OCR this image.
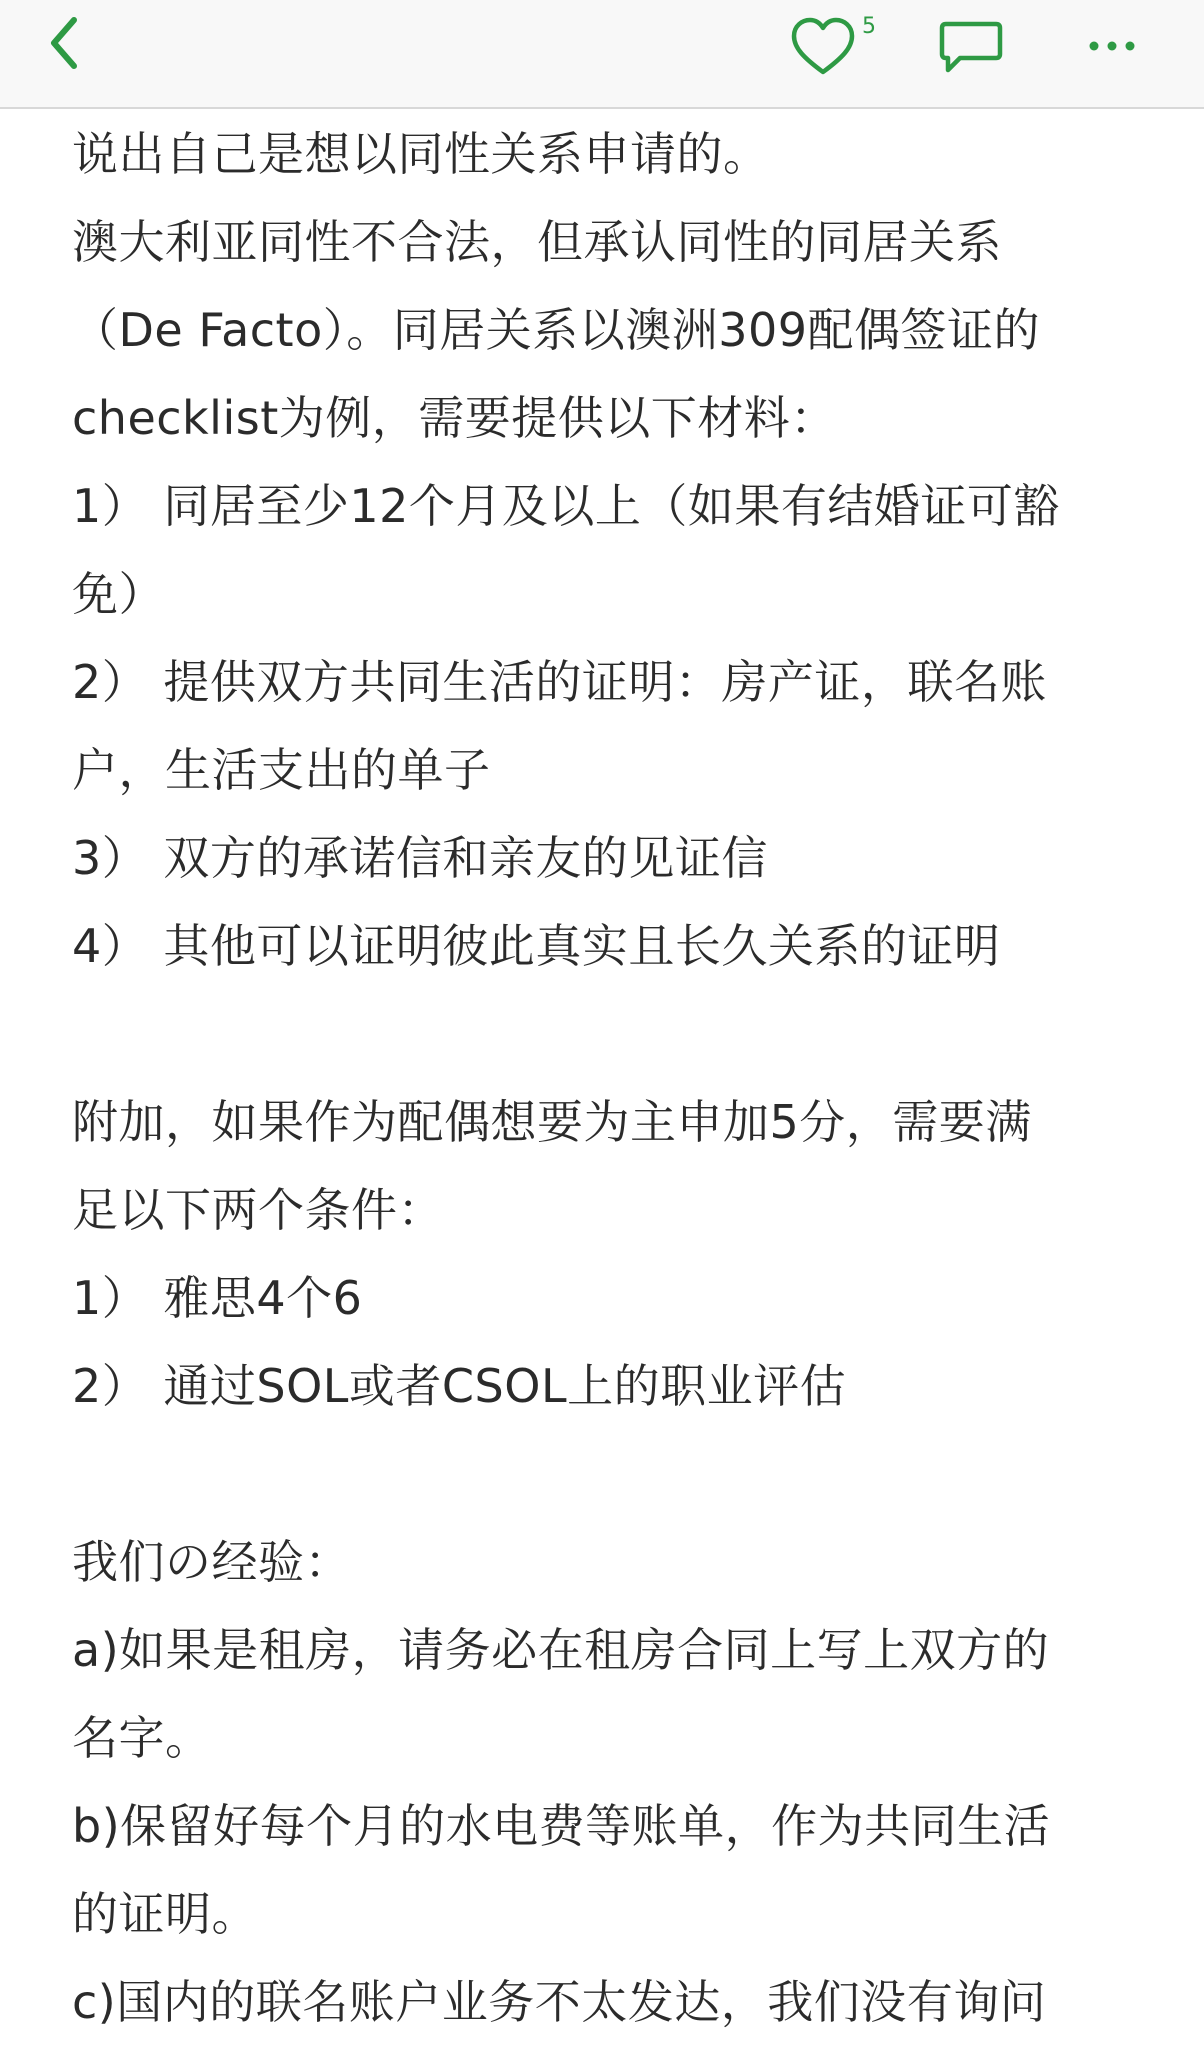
5
说出自己是想以同性关系申请的。
澳大利亚同性不合法，但承认同性的同居关系
（De Facto）。同居关系以澳洲309配偶签证的
checklist为例，需要提供以下材料：
1） 同居至少12个月及以上（如果有结婚证可豁
免）
2） 提供双方共同生活的证明：房产证，联名账
户，生活支出的单子
3） 双方的承诺信和亲友的见证信
4） 其他可以证明彼此真实且长久关系的证明
附加，如果作为配偶想要为主申加5分，需要满
足以下两个条件：
1） 雅思4个6
2） 通过SOL或者CSOL上的职业评估
我们の经验：
a)如果是租房，请务必在租房合同上写上双方的
名字。
b)保留好每个月的水电费等账单，作为共同生活
的证明。
c)国内的联名账户业务不太发达，我们没有询问
